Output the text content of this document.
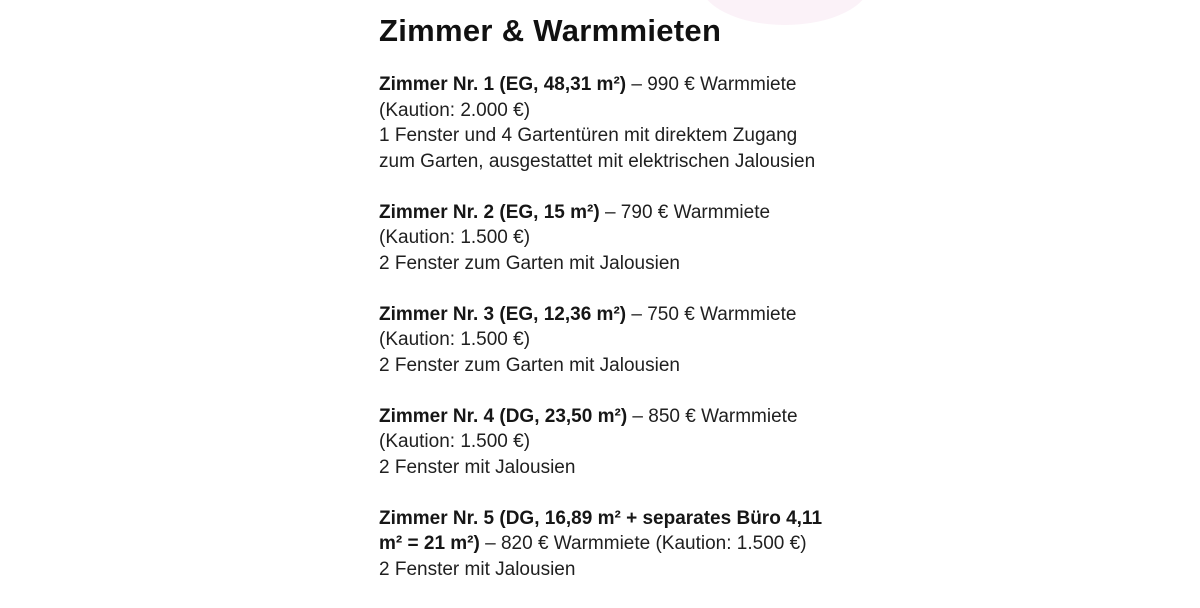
Zimmer & Warmmieten
Zimmer Nr. 1 (EG, 48,31 m²) – 990 € Warmmiete (Kaution: 2.000 €)
1 Fenster und 4 Gartentüren mit direktem Zugang zum Garten, ausgestattet mit elektrischen Jalousien
Zimmer Nr. 2 (EG, 15 m²) – 790 € Warmmiete (Kaution: 1.500 €)
2 Fenster zum Garten mit Jalousien
Zimmer Nr. 3 (EG, 12,36 m²) – 750 € Warmmiete (Kaution: 1.500 €)
2 Fenster zum Garten mit Jalousien
Zimmer Nr. 4 (DG, 23,50 m²) – 850 € Warmmiete (Kaution: 1.500 €)
2 Fenster mit Jalousien
Zimmer Nr. 5 (DG, 16,89 m² + separates Büro 4,11 m² = 21 m²) – 820 € Warmmiete (Kaution: 1.500 €)
2 Fenster mit Jalousien
